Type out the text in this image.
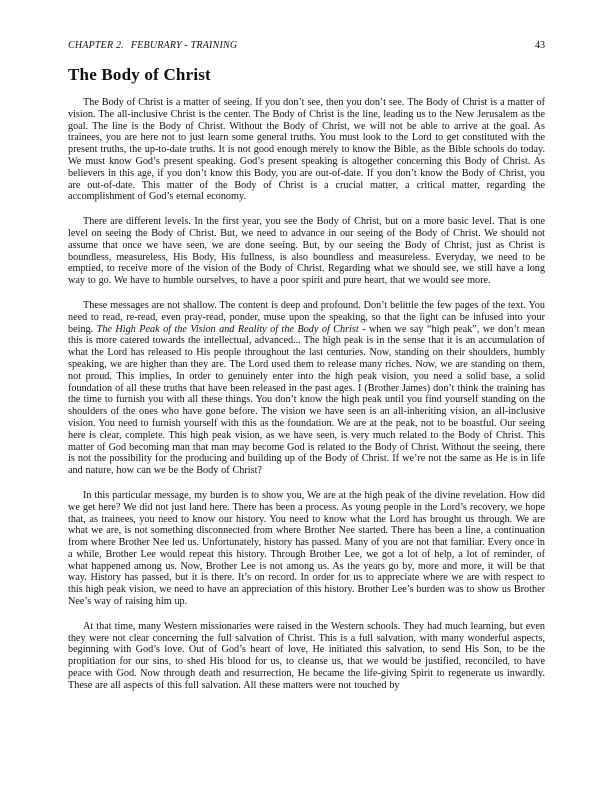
CHAPTER 2. FEBURARY - TRAINING	43
The Body of Christ

The Body of Christ is a matter of seeing. If you don’t see, then you don’t see. The Body of Christ is a matter of vision. The all-inclusive Christ is the center. The Body of Christ is the line, leading us to the New Jerusalem as the goal. The line is the Body of Christ. Without the Body of Christ, we will not be able to arrive at the goal. As trainees, you are here not to just learn some general truths. You must look to the Lord to get constituted with the present truths, the up-to-date truths. It is not good enough merely to know the Bible, as the Bible schools do today. We must know God’s present speaking. God’s present speaking is altogether concerning this Body of Christ. As believers in this age, if you don’t know this Body, you are out-of-date. If you don’t know the Body of Christ, you are out-of-date. This matter of the Body of Christ is a crucial matter, a critical matter, regarding the accomplishment of God’s eternal economy.

There are different levels. In the first year, you see the Body of Christ, but on a more basic level. That is one level on seeing the Body of Christ. But, we need to advance in our seeing of the Body of Christ. We should not assume that once we have seen, we are done seeing. But, by our seeing the Body of Christ, just as Christ is boundless, measureless, His Body, His fullness, is also boundless and measureless. Everyday, we need to be emptied, to receive more of the vision of the Body of Christ. Regarding what we should see, we still have a long way to go. We have to humble ourselves, to have a poor spirit and pure heart, that we would see more.

These messages are not shallow. The content is deep and profound. Don’t belittle the few pages of the text. You need to read, re-read, even pray-read, ponder, muse upon the speaking, so that the light can be infused into your being. The High Peak of the Vision and Reality of the Body of Christ - when we say “high peak”, we don’t mean this is more catered towards the intellectual, advanced... The high peak is in the sense that it is an accumulation of what the Lord has released to His people throughout the last centuries. Now, standing on their shoulders, humbly speaking, we are higher than they are. The Lord used them to release many riches. Now, we are standing on them, not proud. This implies, In order to genuinely enter into the high peak vision, you need a solid base, a solid foundation of all these truths that have been released in the past ages. I (Brother James) don’t think the training has the time to furnish you with all these things. You don’t know the high peak until you find yourself standing on the shoulders of the ones who have gone before. The vision we have seen is an all-inheriting vision, an all-inclusive vision. You need to furnish yourself with this as the foundation. We are at the peak, not to be boastful. Our seeing here is clear, complete. This high peak vision, as we have seen, is very much related to the Body of Christ. This matter of God becoming man that man may become God is related to the Body of Christ. Without the seeing, there is not the possibility for the producing and building up of the Body of Christ. If we’re not the same as He is in life and nature, how can we be the Body of Christ?

In this particular message, my burden is to show you, We are at the high peak of the divine revelation. How did we get here? We did not just land here. There has been a process. As young people in the Lord’s recovery, we hope that, as trainees, you need to know our history. You need to know what the Lord has brought us through. We are what we are, is not something disconnected from where Brother Nee started. There has been a line, a continuation from where Brother Nee led us. Unfortunately, history has passed. Many of you are not that familiar. Every once in a while, Brother Lee would repeat this history. Through Brother Lee, we got a lot of help, a lot of reminder, of what happened among us. Now, Brother Lee is not among us. As the years go by, more and more, it will be that way. History has passed, but it is there. It’s on record. In order for us to appreciate where we are with respect to this high peak vision, we need to have an appreciation of this history. Brother Lee’s burden was to show us Brother Nee’s way of raising him up.

At that time, many Western missionaries were raised in the Western schools. They had much learning, but even they were not clear concerning the full salvation of Christ. This is a full salvation, with many wonderful aspects, beginning with God’s love. Out of God’s heart of love, He initiated this salvation, to send His Son, to be the propitiation for our sins, to shed His blood for us, to cleanse us, that we would be justified, reconciled, to have peace with God. Now through death and resurrection, He became the life-giving Spirit to regenerate us inwardly. These are all aspects of this full salvation. All these matters were not touched by
